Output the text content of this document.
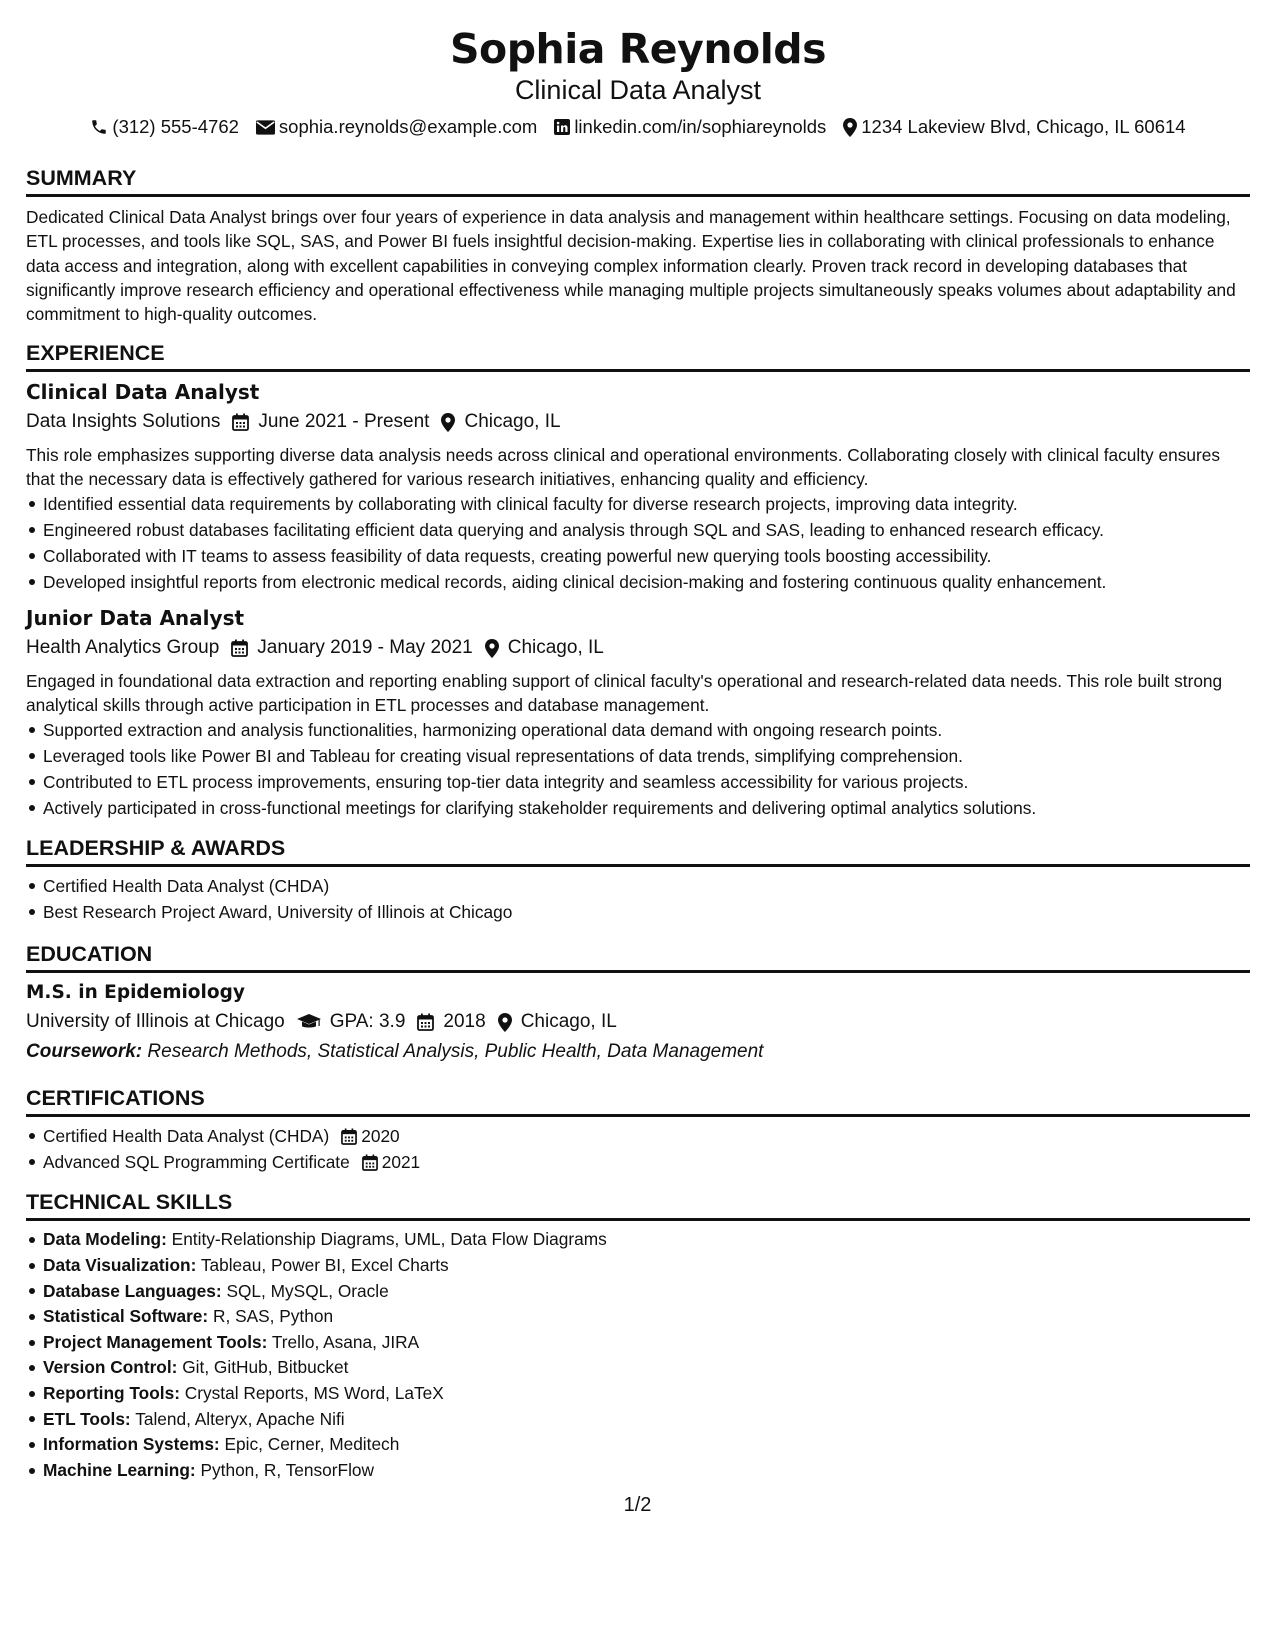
Sophia Reynolds
Clinical Data Analyst
(312) 555-4762 sophia.reynolds@example.com linkedin.com/in/sophiareynolds 1234 Lakeview Blvd, Chicago, IL 60614
SUMMARY
Dedicated Clinical Data Analyst brings over four years of experience in data analysis and management within healthcare settings. Focusing on data modeling, ETL processes, and tools like SQL, SAS, and Power BI fuels insightful decision-making. Expertise lies in collaborating with clinical professionals to enhance data access and integration, along with excellent capabilities in conveying complex information clearly. Proven track record in developing databases that significantly improve research efficiency and operational effectiveness while managing multiple projects simultaneously speaks volumes about adaptability and commitment to high-quality outcomes.
EXPERIENCE
Clinical Data Analyst
Data Insights Solutions June 2021 - Present Chicago, IL
This role emphasizes supporting diverse data analysis needs across clinical and operational environments. Collaborating closely with clinical faculty ensures that the necessary data is effectively gathered for various research initiatives, enhancing quality and efficiency.
Identified essential data requirements by collaborating with clinical faculty for diverse research projects, improving data integrity.
Engineered robust databases facilitating efficient data querying and analysis through SQL and SAS, leading to enhanced research efficacy.
Collaborated with IT teams to assess feasibility of data requests, creating powerful new querying tools boosting accessibility.
Developed insightful reports from electronic medical records, aiding clinical decision-making and fostering continuous quality enhancement.
Junior Data Analyst
Health Analytics Group January 2019 - May 2021 Chicago, IL
Engaged in foundational data extraction and reporting enabling support of clinical faculty's operational and research-related data needs. This role built strong analytical skills through active participation in ETL processes and database management.
Supported extraction and analysis functionalities, harmonizing operational data demand with ongoing research points.
Leveraged tools like Power BI and Tableau for creating visual representations of data trends, simplifying comprehension.
Contributed to ETL process improvements, ensuring top-tier data integrity and seamless accessibility for various projects.
Actively participated in cross-functional meetings for clarifying stakeholder requirements and delivering optimal analytics solutions.
LEADERSHIP & AWARDS
Certified Health Data Analyst (CHDA)
Best Research Project Award, University of Illinois at Chicago
EDUCATION
M.S. in Epidemiology
University of Illinois at Chicago GPA: 3.9 2018 Chicago, IL
Coursework: Research Methods, Statistical Analysis, Public Health, Data Management
CERTIFICATIONS
Certified Health Data Analyst (CHDA) 2020
Advanced SQL Programming Certificate 2021
TECHNICAL SKILLS
Data Modeling: Entity-Relationship Diagrams, UML, Data Flow Diagrams
Data Visualization: Tableau, Power BI, Excel Charts
Database Languages: SQL, MySQL, Oracle
Statistical Software: R, SAS, Python
Project Management Tools: Trello, Asana, JIRA
Version Control: Git, GitHub, Bitbucket
Reporting Tools: Crystal Reports, MS Word, LaTeX
ETL Tools: Talend, Alteryx, Apache Nifi
Information Systems: Epic, Cerner, Meditech
Machine Learning: Python, R, TensorFlow
1/2
